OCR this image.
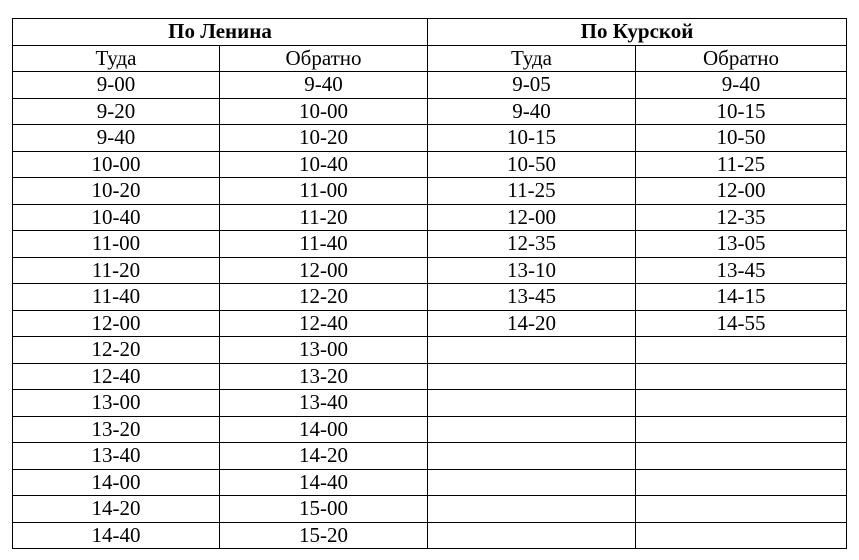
По Ленина		По Курской	
Туда	Обратно	Туда	Обратно
9-00	9-40	9-05	9-40
9-20	10-00	9-40	10-15
9-40	10-20	10-15	10-50
10-00	10-40	10-50	11-25
10-20	11-00	11-25	12-00
10-40	11-20	12-00	12-35
11-00	11-40	12-35	13-05
11-20	12-00	13-10	13-45
11-40	12-20	13-45	14-15
12-00	12-40	14-20	14-55
12-20	13-00		
12-40	13-20		
13-00	13-40		
13-20	14-00		
13-40	14-20		
14-00	14-40		
14-20	15-00		
14-40	15-20		
